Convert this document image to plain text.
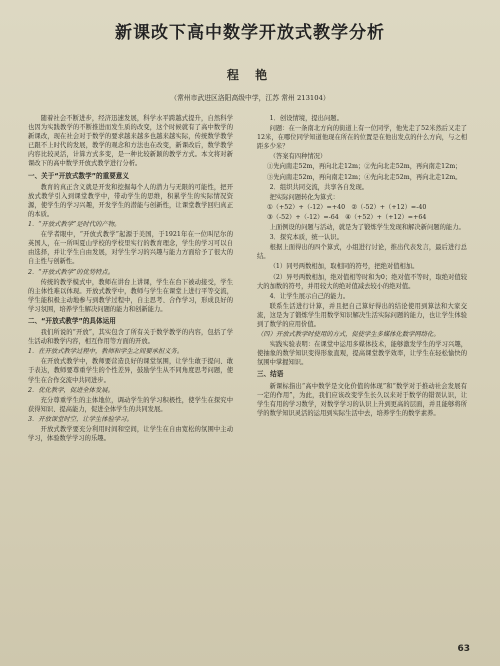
新课改下高中数学开放式教学分析
程 艳
（常州市武进区洛阳高级中学，江苏 常州 213104）

随着社会不断进步，经济迅速发展，科学水平跨越式提升，自然科学也因为实践教学的不断推进而发生质的改变，这个时候就有了高中数学的新课改，现在社会对于数学的要求越来越多也越来越实际，传统数学教学已跟不上时代的发展，教学的观念和方法也在改变，新课改后，数学教学内容比较灵活，计算方式多变，是一种比较新颖的教学方式。本文将对新课改下的高中数学开放式教学进行分析。

一、关于“开放式数学”的重要意义

教育的真正含义就是开发和挖掘每个人的潜力与无限的可能性，把开放式教学引入到课堂教学中，带动学生的思维，积累学生的实际情况资源，使学生的学习兴趣，开发学生的潜能与创新性，让课堂教学回归真正的本质。

1．“开放式教学”是时代的产物。

在学者眼中，“开放式教学”起源于美国，于1921年在一位叫尼尔的英国人，在一所叫夏山学校的学校里实行的教育理念，学生的学习可以自由选择，并让学生自由发展，对学生学习的兴趣与能力方面给予了很大的自主性与创新性。

2．“开放式教学”的优势特点。

传统的教学模式中，教师在讲台上讲课，学生在台下被动接受，学生的主体性难以体现。开放式教学中，教师与学生在课堂上进行平等交流，学生能积极主动地参与到教学过程中，自主思考、合作学习，形成良好的学习氛围，培养学生解决问题的能力和创新能力。

二、“开放式教学”的具体运用

我们所说的“开放”，其实包含了所有关于数学教学的内容，包括了学生活动和教学内容，相互作用等方面的开放。

1．在开放式教学过程中，教师和学生之间要承担义务。

在开放式教学中，教师要营造良好的课堂氛围，让学生敢于提问、敢于表达，教师要尊重学生的个性差异，鼓励学生从不同角度思考问题，使学生在合作交流中共同进步。

2．优化教学，促进全体发展。

充分尊重学生的主体地位，调动学生的学习积极性，使学生在探究中获得知识、提高能力，促进全体学生的共同发展。

3．开放课堂时空，让学生体验学习。

开放式教学要充分利用时间和空间，让学生在自由宽松的氛围中主动学习，体验数学学习的乐趣。

1．创设情境，提出问题。

问题：在一条南北方向的街道上有一位同学，他先走了52米然后又走了12米，在哪位同学知道他现在所在的位置是在他出发点的什么方向，与之相距多少米？

（答案有四种情况）

①先向南走52m，再向北走12m；②先向北走52m，再向南走12m；

③先向南走52m，再向南走12m；④先向北走52m，再向北走12m。

2．组织共同交流，共享各自发现。

把实际问题转化为算式：

①（+52）+（-12）=+40　②（-52）+（+12）=-40

③（-52）+（-12）=-64　④（+52）+（+12）=+64

上面例设的问题与活动，就是为了锻炼学生发现和解决新问题的能力。

3．探究本质，统一认识。

根据上面得出的四个算式，小组进行讨论，推出代表发言，最后进行总结。

（1）同号两数相加，取相同的符号，把绝对值相加。

（2）异号两数相加，绝对值相等时和为0；绝对值不等时，取绝对值较大的加数的符号，并用较大的绝对值减去较小的绝对值。

4．让学生展示自己的能力。

联系生活进行计算，并且把自己算好得出的结论使用到算法和大家交流，这是为了锻炼学生用数学知识解决生活实际问题的能力，也让学生体验到了数学的应用价值。

（四）开放式教学时使用的方式，促使学生多媒体化数学网络化。

实践实验表明：在课堂中运用多媒体技术，能够激发学生的学习兴趣，使抽象的数学知识变得形象直观，提高课堂教学效率，让学生在轻松愉快的氛围中掌握知识。

三、结语

新课标指出“高中数学是文化价值的体现”和“数学对于推动社会发展有一定的作用”，为此，我们应该改变学生长久以来对于数学的错误认识，让学生有用的学习数学，对数学学习的认识上升到更高的层面，并且能够将所学的数学知识灵活的运用到实际生活中去，培养学生的数学素养。

63
